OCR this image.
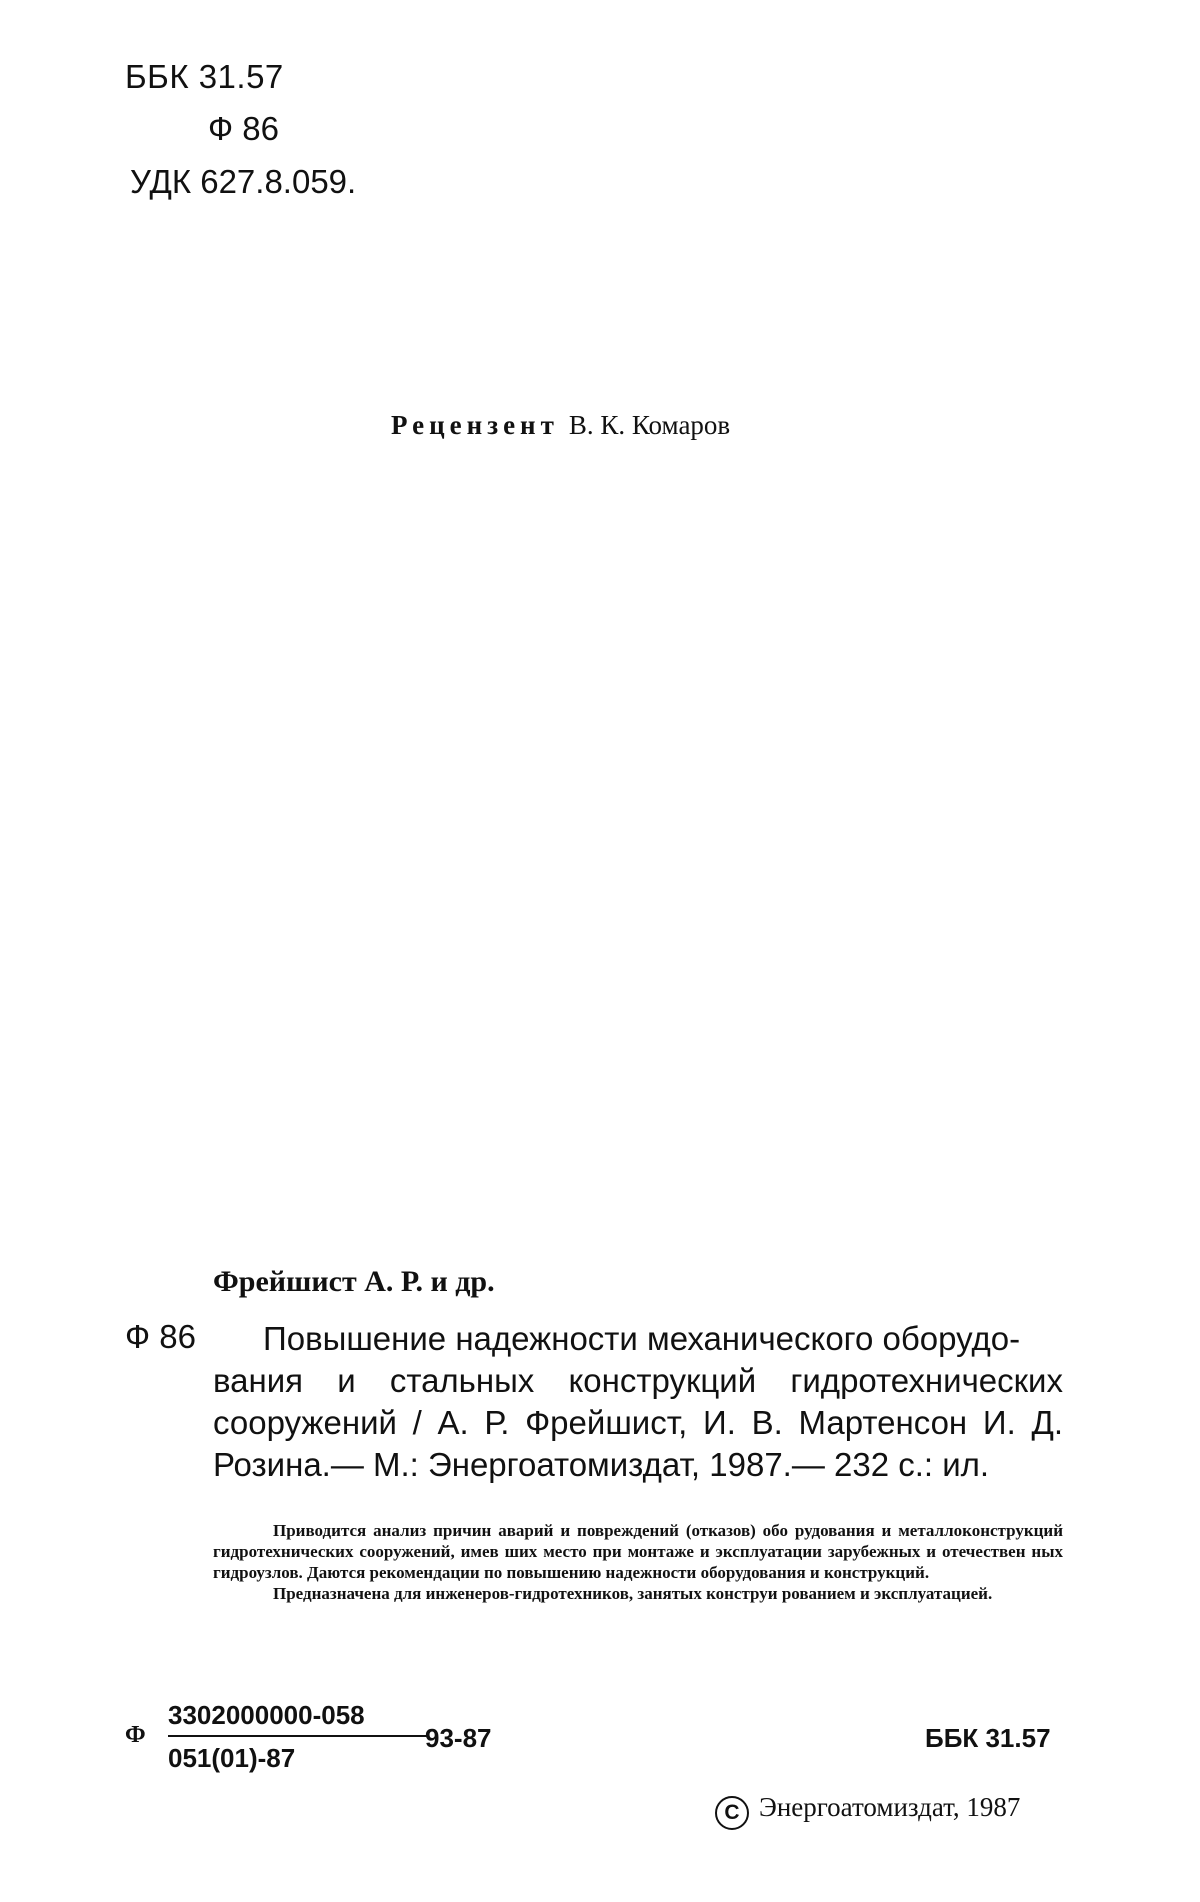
ББК 31.57
Ф 86
УДК 627.8.059.
Рецензент В. К. Комаров
Фрейшист А. Р. и др.
Ф 86	Повышение надежности механического оборудо-
вания и стальных конструкций гидротехнических сооружений / А. Р. Фрейшист, И. В. Мартенсон И. Д. Розина.— М.: Энергоатомиздат, 1987.— 232 с.: ил.

Приводится анализ причин аварий и повреждений (отказов) обо рудования и металлоконструкций гидротехнических сооружений, имев ших место при монтаже и эксплуатации зарубежных и отечествен ных гидроузлов. Даются рекомендации по повышению надежности оборудования и конструкций.

Предназначена для инженеров-гидротехников, занятых конструи рованием и эксплуатацией.

Ф
3302000000-058
051(01)-87
93-87	ББК 31.57
С Энергоатомиздат, 1987
